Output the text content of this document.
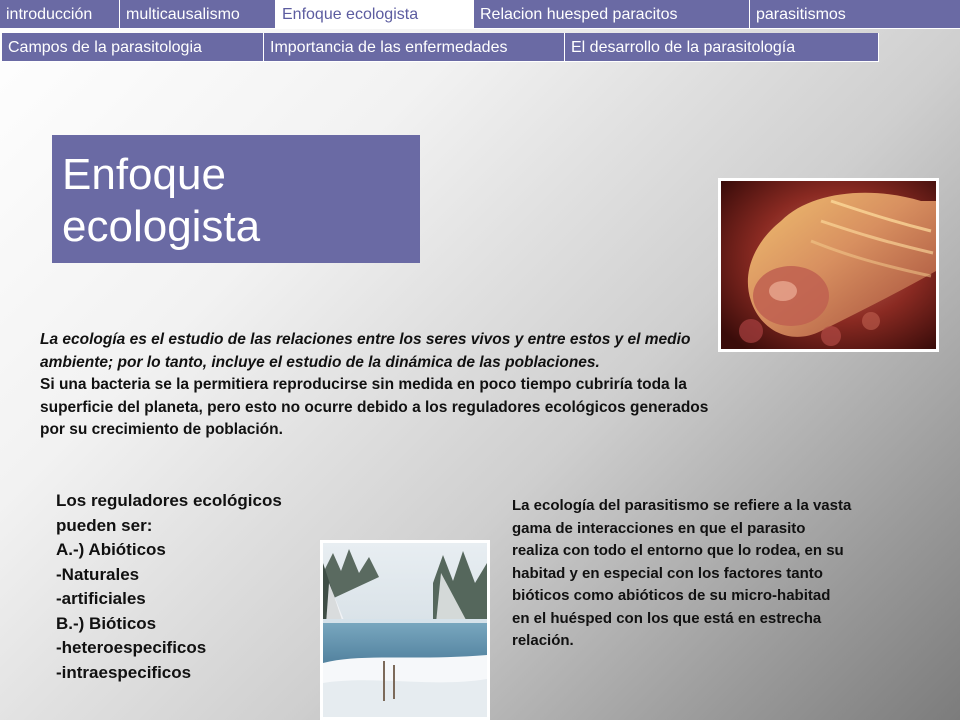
introducción	multicausalismo	Enfoque ecologista	Relacion huesped paracitos	parasitismos
Campos de la parasitologia	Importancia de las enfermedades	El desarrollo de la parasitología
Enfoque
ecologista
La ecología es el estudio de las relaciones entre los seres vivos y entre estos y el medio ambiente; por lo tanto, incluye el estudio de la dinámica de las poblaciones.
Si una bacteria se la permitiera reproducirse sin medida en poco tiempo cubriría toda la superficie del planeta, pero esto no ocurre debido a los reguladores ecológicos generados por su crecimiento de población.
Los reguladores ecológicos
pueden ser:
A.-) Abióticos
-Naturales
-artificiales
B.-) Bióticos
-heteroespecificos
-intraespecificos
La ecología del parasitismo se refiere a la vasta gama de interacciones en que el parasito realiza con todo el entorno que lo rodea, en su habitad y en especial con los factores tanto bióticos como abióticos de su micro-habitad en el huésped con los que está en estrecha relación.
